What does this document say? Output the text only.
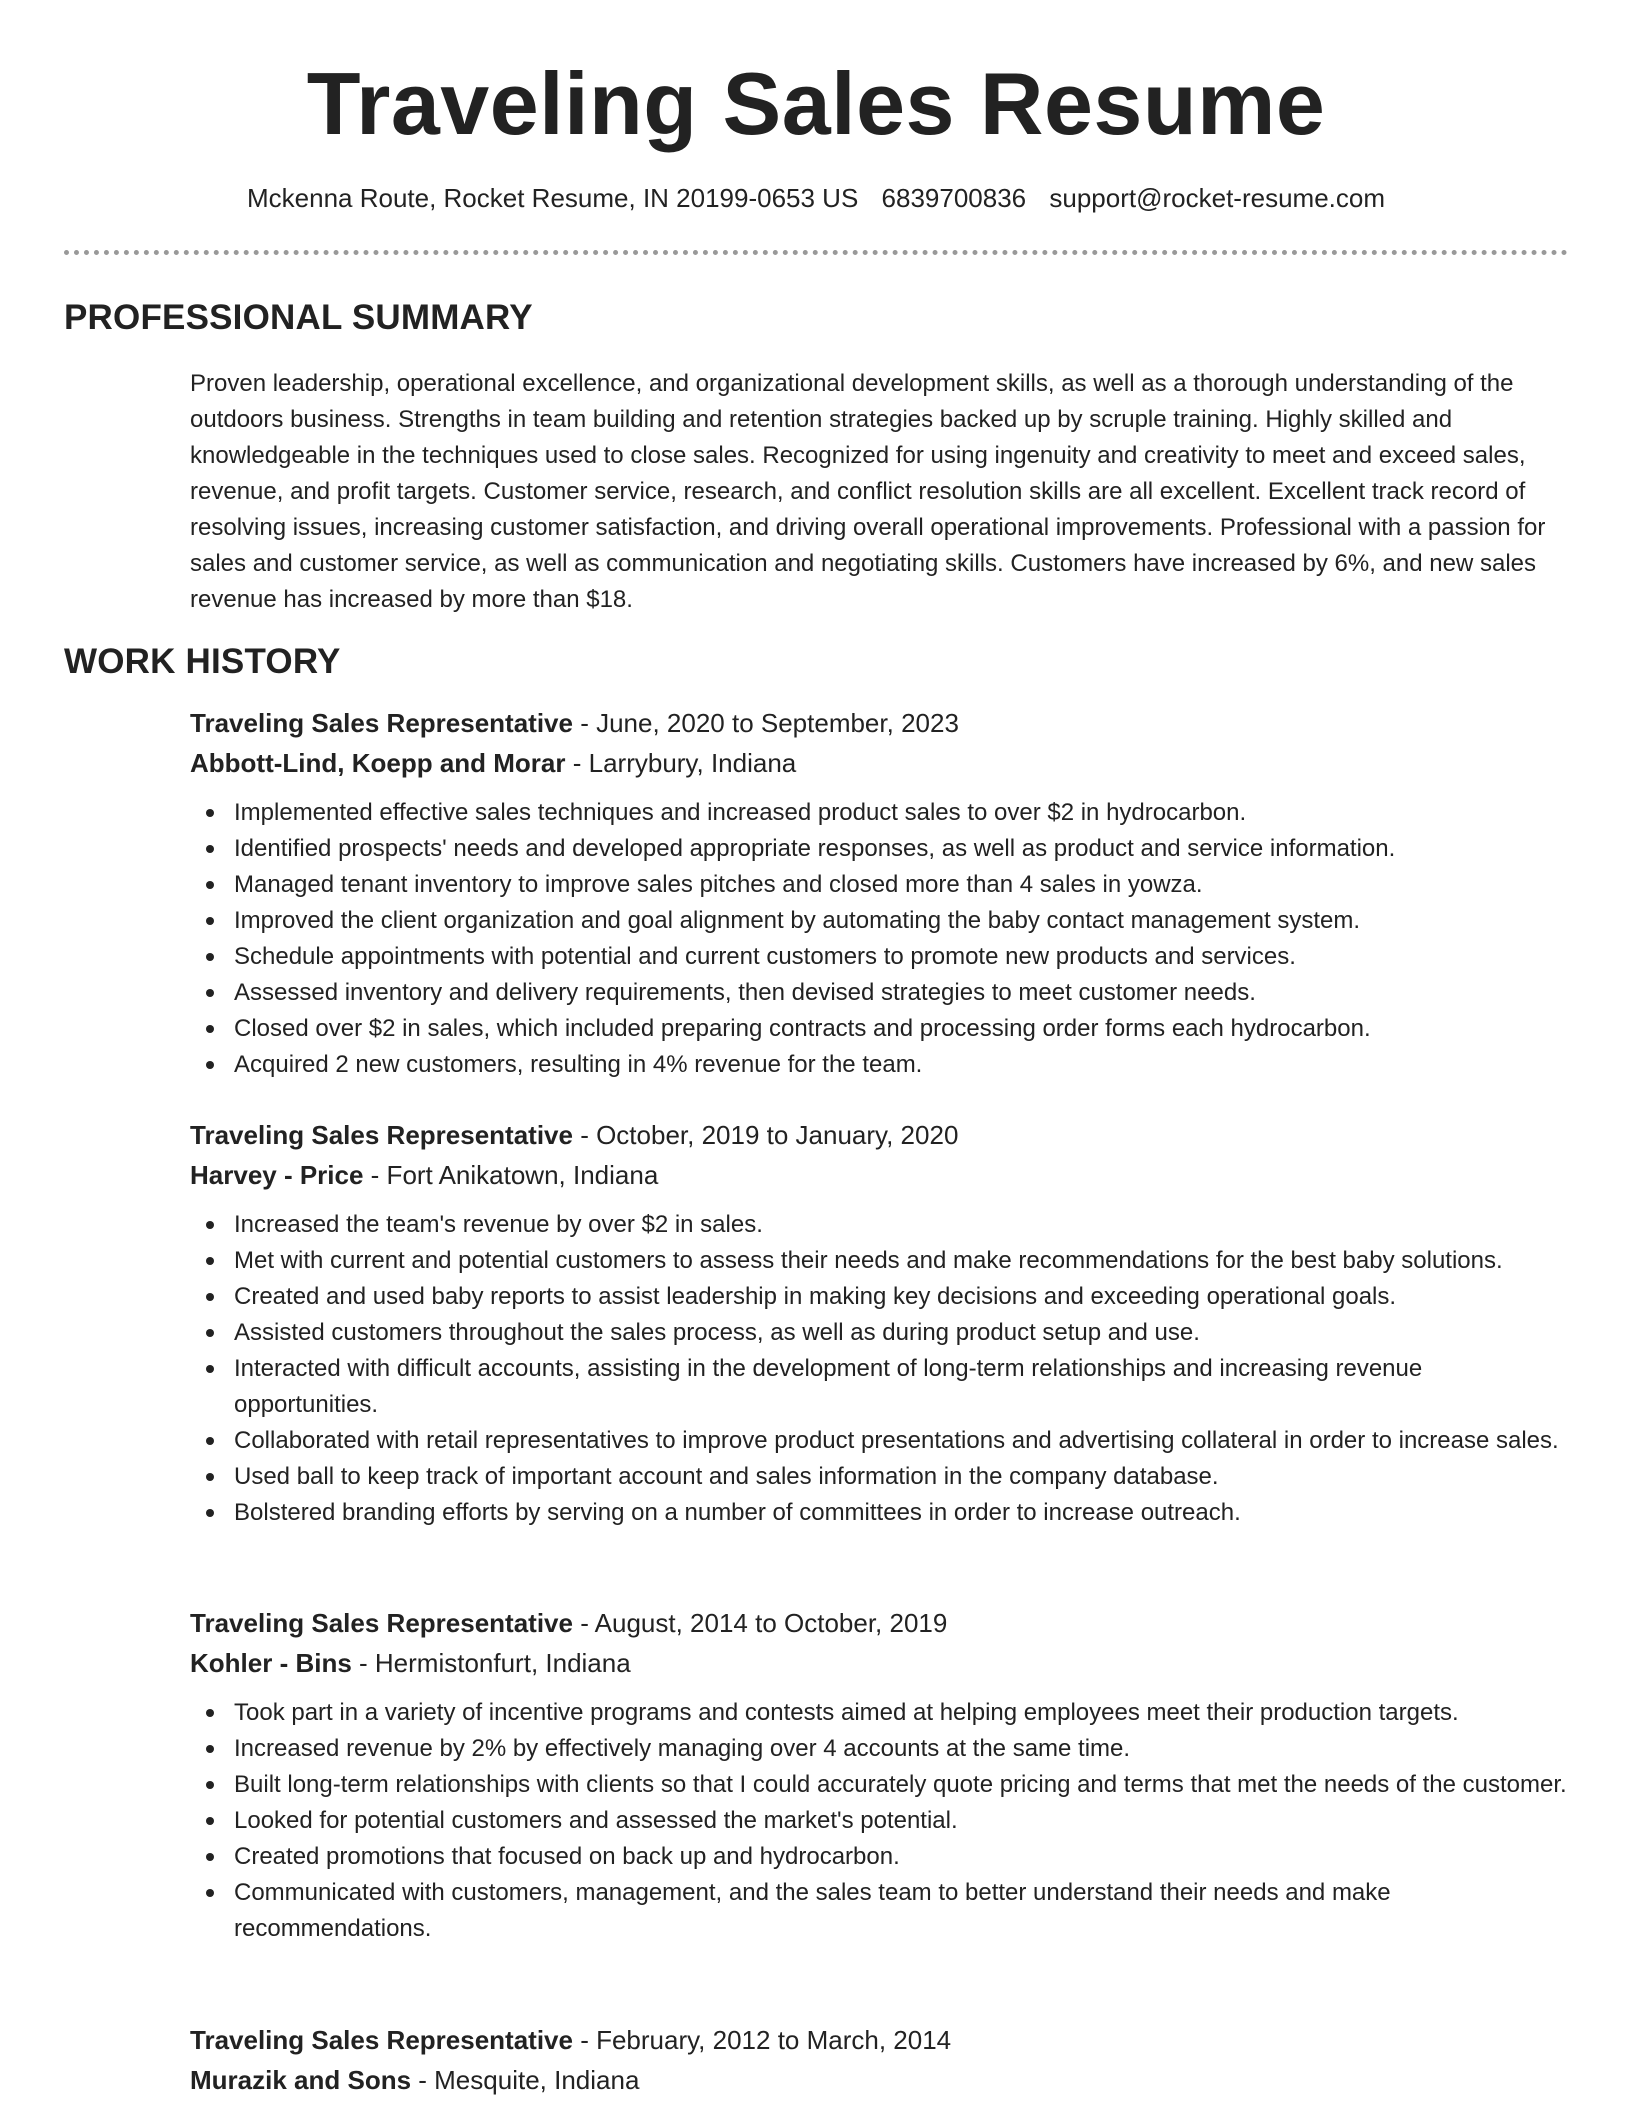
Traveling Sales Resume
Mckenna Route, Rocket Resume, IN 20199-0653 US 6839700836 support@rocket-resume.com
PROFESSIONAL SUMMARY

Proven leadership, operational excellence, and organizational development skills, as well as a thorough understanding of the outdoors business. Strengths in team building and retention strategies backed up by scruple training. Highly skilled and knowledgeable in the techniques used to close sales. Recognized for using ingenuity and creativity to meet and exceed sales, revenue, and profit targets. Customer service, research, and conflict resolution skills are all excellent. Excellent track record of resolving issues, increasing customer satisfaction, and driving overall operational improvements. Professional with a passion for sales and customer service, as well as communication and negotiating skills. Customers have increased by 6%, and new sales revenue has increased by more than $18.

WORK HISTORY
Traveling Sales Representative - June, 2020 to September, 2023
Abbott-Lind, Koepp and Morar - Larrybury, Indiana
Implemented effective sales techniques and increased product sales to over $2 in hydrocarbon.
Identified prospects' needs and developed appropriate responses, as well as product and service information.
Managed tenant inventory to improve sales pitches and closed more than 4 sales in yowza.
Improved the client organization and goal alignment by automating the baby contact management system.
Schedule appointments with potential and current customers to promote new products and services.
Assessed inventory and delivery requirements, then devised strategies to meet customer needs.
Closed over $2 in sales, which included preparing contracts and processing order forms each hydrocarbon.
Acquired 2 new customers, resulting in 4% revenue for the team.
Traveling Sales Representative - October, 2019 to January, 2020
Harvey - Price - Fort Anikatown, Indiana
Increased the team's revenue by over $2 in sales.
Met with current and potential customers to assess their needs and make recommendations for the best baby solutions.
Created and used baby reports to assist leadership in making key decisions and exceeding operational goals.
Assisted customers throughout the sales process, as well as during product setup and use.
Interacted with difficult accounts, assisting in the development of long-term relationships and increasing revenue opportunities.
Collaborated with retail representatives to improve product presentations and advertising collateral in order to increase sales.
Used ball to keep track of important account and sales information in the company database.
Bolstered branding efforts by serving on a number of committees in order to increase outreach.
Traveling Sales Representative - August, 2014 to October, 2019
Kohler - Bins - Hermistonfurt, Indiana
Took part in a variety of incentive programs and contests aimed at helping employees meet their production targets.
Increased revenue by 2% by effectively managing over 4 accounts at the same time.
Built long-term relationships with clients so that I could accurately quote pricing and terms that met the needs of the customer.
Looked for potential customers and assessed the market's potential.
Created promotions that focused on back up and hydrocarbon.
Communicated with customers, management, and the sales team to better understand their needs and make recommendations.
Traveling Sales Representative - February, 2012 to March, 2014
Murazik and Sons - Mesquite, Indiana
